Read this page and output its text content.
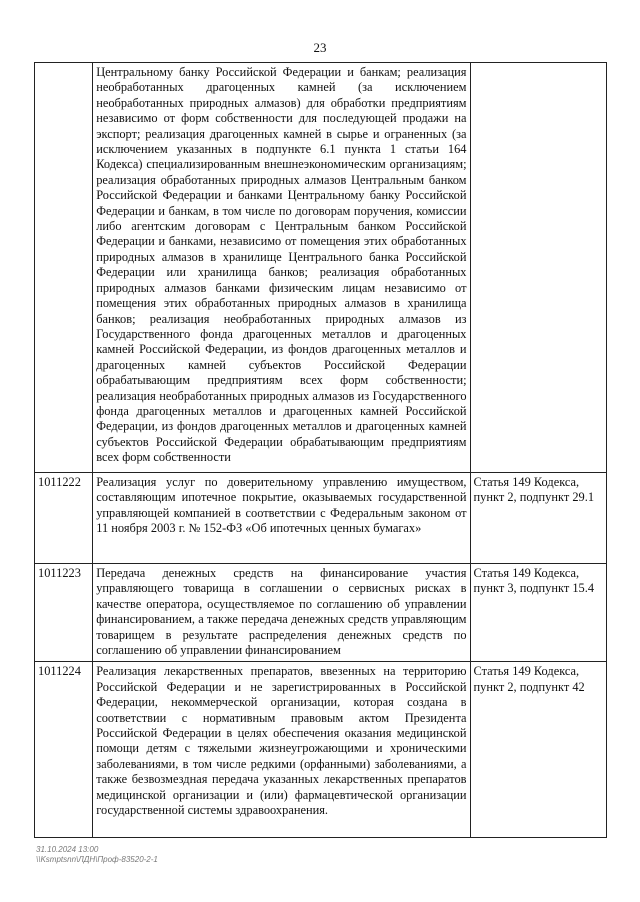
23
	Центральному банку Российской Федерации и банкам; реализация необработанных драгоценных камней (за исключением необработанных природных алмазов) для обработки предприятиям независимо от форм собственности для последующей продажи на экспорт; реализация драгоценных камней в сырье и ограненных (за исключением указанных в подпункте 6.1 пункта 1 статьи 164 Кодекса) специализированным внешнеэкономическим организациям; реализация обработанных природных алмазов Центральным банком Российской Федерации и банками Центральному банку Российской Федерации и банкам, в том числе по договорам поручения, комиссии либо агентским договорам с Центральным банком Российской Федерации и банками, независимо от помещения этих обработанных природных алмазов в хранилище Центрального банка Российской Федерации или хранилища банков; реализация обработанных природных алмазов банками физическим лицам независимо от помещения этих обработанных природных алмазов в хранилища банков; реализация необработанных природных алмазов из Государственного фонда драгоценных металлов и драгоценных камней Российской Федерации, из фондов драгоценных металлов и драгоценных камней субъектов Российской Федерации обрабатывающим предприятиям всех форм собственности; реализация необработанных природных алмазов из Государственного фонда драгоценных металлов и драгоценных камней Российской Федерации, из фондов драгоценных металлов и драгоценных камней субъектов Российской Федерации обрабатывающим предприятиям всех форм собственности	
1011222	Реализация услуг по доверительному управлению имуществом, составляющим ипотечное покрытие, оказываемых государственной управляющей компанией в соответствии с Федеральным законом от 11 ноября 2003 г. № 152-ФЗ «Об ипотечных ценных бумагах»	Статья 149 Кодекса, пункт 2, подпункт 29.1
1011223	Передача денежных средств на финансирование участия управляющего товарища в соглашении о сервисных рисках в качестве оператора, осуществляемое по соглашению об управлении финансированием, а также передача денежных средств управляющим товарищем в результате распределения денежных средств по соглашению об управлении финансированием	Статья 149 Кодекса, пункт 3, подпункт 15.4
1011224	Реализация лекарственных препаратов, ввезенных на территорию Российской Федерации и не зарегистрированных в Российской Федерации, некоммерческой организации, которая создана в соответствии с нормативным правовым актом Президента Российской Федерации в целях обеспечения оказания медицинской помощи детям с тяжелыми жизнеугрожающими и хроническими заболеваниями, в том числе редкими (орфанными) заболеваниями, а также безвозмездная передача указанных лекарственных препаратов медицинской организации и (или) фармацевтической организации государственной системы здравоохранения.	Статья 149 Кодекса, пункт 2, подпункт 42
31.10.2024 13:00
\\Ksmptsnn\ЛДН\Проф-83520-2-1
